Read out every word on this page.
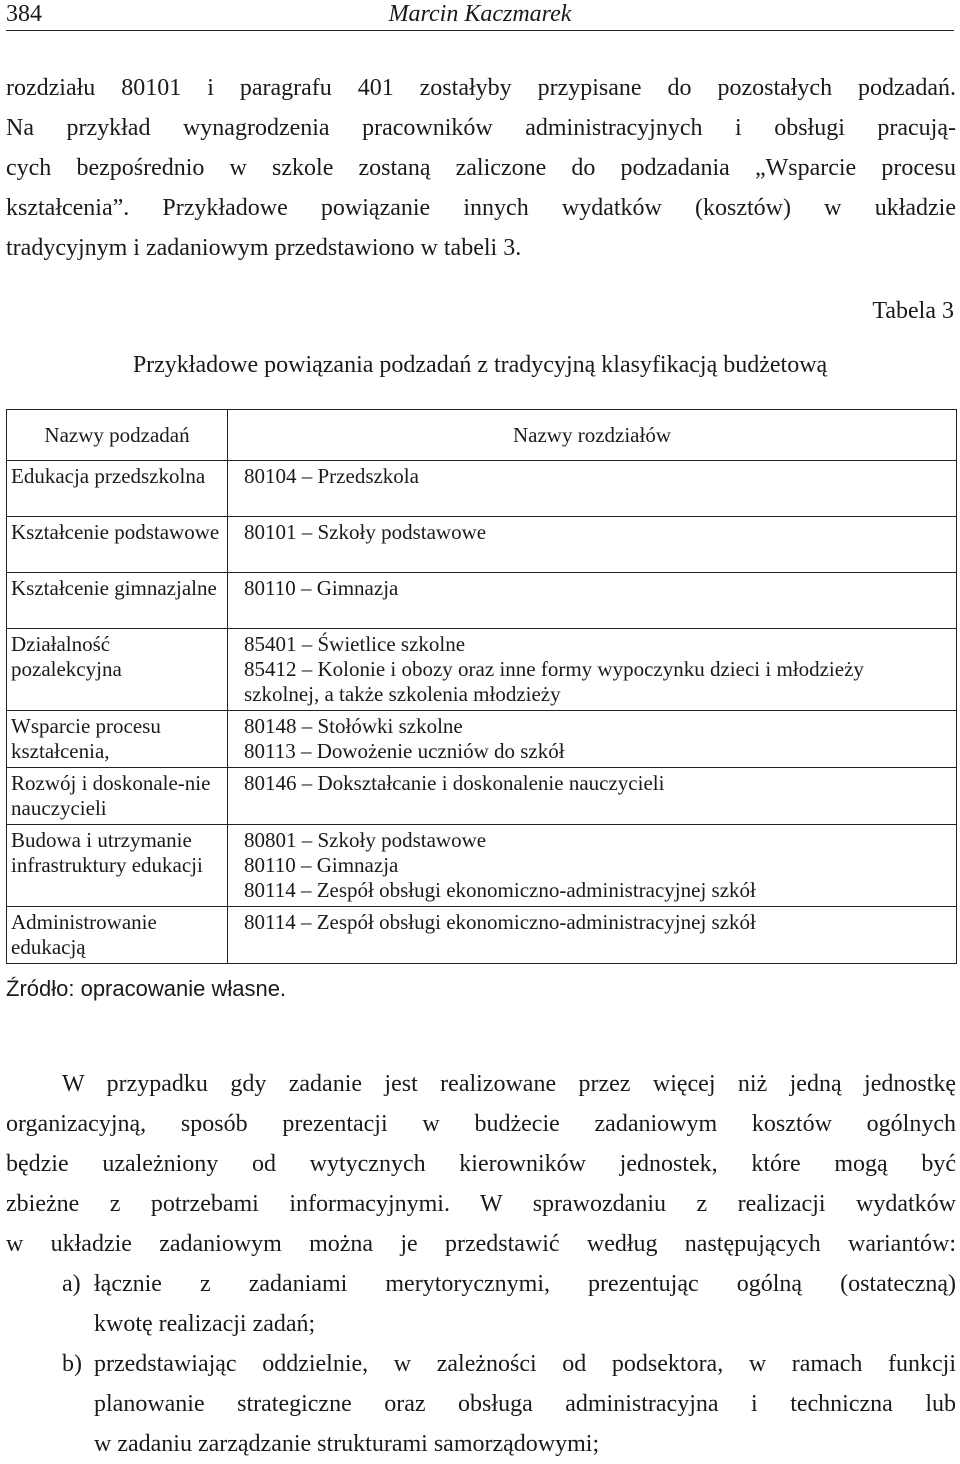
384	Marcin Kaczmarek
rozdziału 80101 i paragrafu 401 zostałyby przypisane do pozostałych podzadań.
Na przykład wynagrodzenia pracowników administracyjnych i obsługi pracują-
cych bezpośrednio w szkole zostaną zaliczone do podzadania „Wsparcie procesu
kształcenia”. Przykładowe powiązanie innych wydatków (kosztów) w układzie
tradycyjnym i zadaniowym przedstawiono w tabeli 3.
Tabela 3
Przykładowe powiązania podzadań z tradycyjną klasyfikacją budżetową
Nazwy podzadań	Nazwy rozdziałów
Edukacja przedszkolna	80104 – Przedszkola

Kształcenie podstawowe	80101 – Szkoły podstawowe

Kształcenie gimnazjalne	80110 – Gimnazja

Działalność pozalekcyjna	85401 – Świetlice szkolne
85412 – Kolonie i obozy oraz inne formy wypoczynku dzieci i młodzieży
szkolnej, a także szkolenia młodzieży

Wsparcie procesu kształcenia,	80148 – Stołówki szkolne
80113 – Dowożenie uczniów do szkół

Rozwój i doskonale-nie nauczycieli	80146 – Dokształcanie i doskonalenie nauczycieli

Budowa i utrzymanie infrastruktury edukacji	80801 – Szkoły podstawowe
80110 – Gimnazja
80114 – Zespół obsługi ekonomiczno-administracyjnej szkół

Administrowanie edukacją	80114 – Zespół obsługi ekonomiczno-administracyjnej szkół
Źródło: opracowanie własne.
W przypadku gdy zadanie jest realizowane przez więcej niż jedną jednostkę
organizacyjną, sposób prezentacji w budżecie zadaniowym kosztów ogólnych
będzie uzależniony od wytycznych kierowników jednostek, które mogą być
zbieżne z potrzebami informacyjnymi. W sprawozdaniu z realizacji wydatków
w układzie zadaniowym można je przedstawić według następujących wariantów:
a) łącznie z zadaniami merytorycznymi, prezentując ogólną (ostateczną)
kwotę realizacji zadań;
b) przedstawiając oddzielnie, w zależności od podsektora, w ramach funkcji
planowanie strategiczne oraz obsługa administracyjna i techniczna lub
w zadaniu zarządzanie strukturami samorządowymi;
